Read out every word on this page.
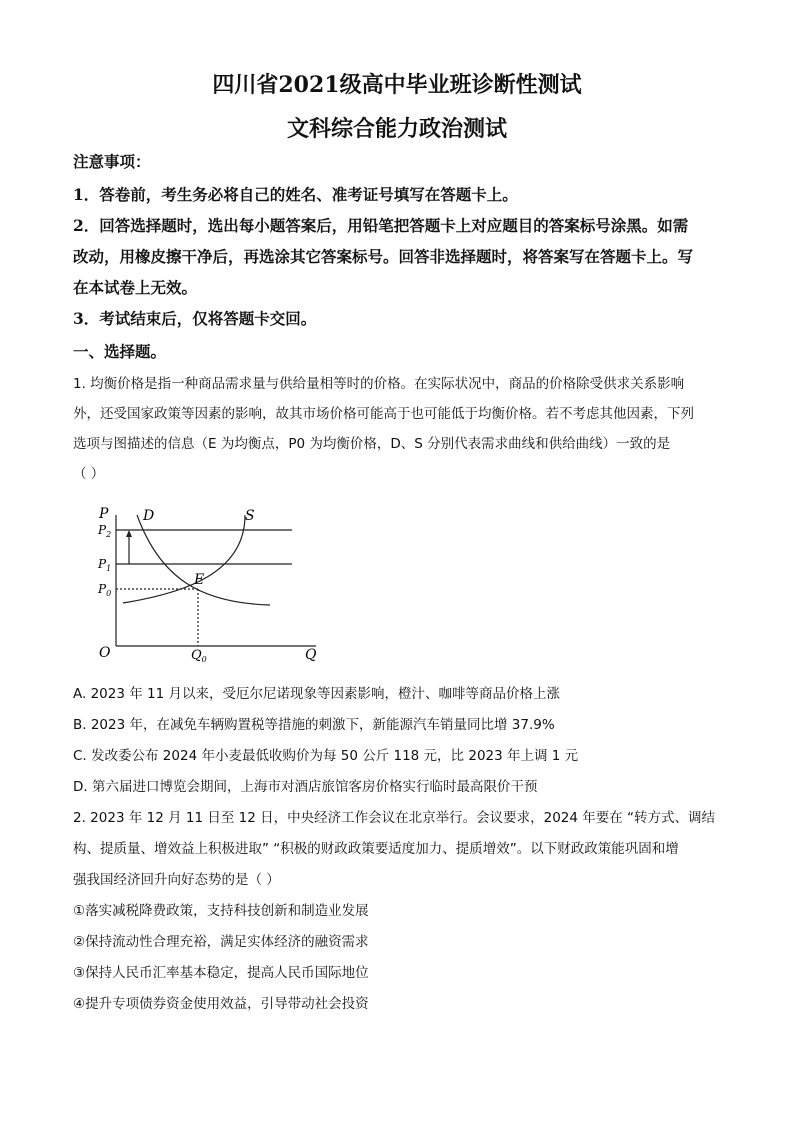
四川省2021级高中毕业班诊断性测试
文科综合能力政治测试
注意事项：
1．答卷前，考生务必将自己的姓名、准考证号填写在答题卡上。
2．回答选择题时，选出每小题答案后，用铅笔把答题卡上对应题目的答案标号涂黑。如需
改动，用橡皮擦干净后，再选涂其它答案标号。回答非选择题时，将答案写在答题卡上。写
在本试卷上无效。
3．考试结束后，仅将答题卡交回。
一、选择题。
1. 均衡价格是指一种商品需求量与供给量相等时的价格。在实际状况中，商品的价格除受供求关系影响
外，还受国家政策等因素的影响，故其市场价格可能高于也可能低于均衡价格。若不考虑其他因素，下列
选项与图描述的信息（E 为均衡点，P0 为均衡价格，D、S 分别代表需求曲线和供给曲线）一致的是
（ ）
P
$P_2$
$P_1$
$P_0$
D	S
E
O	$Q_0$	Q
A. 2023 年 11 月以来，受厄尔尼诺现象等因素影响，橙汁、咖啡等商品价格上涨
B. 2023 年，在减免车辆购置税等措施的刺激下，新能源汽车销量同比增 37.9%
C. 发改委公布 2024 年小麦最低收购价为每 50 公斤 118 元，比 2023 年上调 1 元
D. 第六届进口博览会期间，上海市对酒店旅馆客房价格实行临时最高限价干预
2. 2023 年 12 月 11 日至 12 日，中央经济工作会议在北京举行。会议要求，2024 年要在 “转方式、调结
构、提质量、增效益上积极进取” “积极的财政政策要适度加力、提质增效”。以下财政政策能巩固和增
强我国经济回升向好态势的是（ ）
①落实减税降费政策，支持科技创新和制造业发展
②保持流动性合理充裕，满足实体经济的融资需求
③保持人民币汇率基本稳定，提高人民币国际地位
④提升专项债券资金使用效益，引导带动社会投资
